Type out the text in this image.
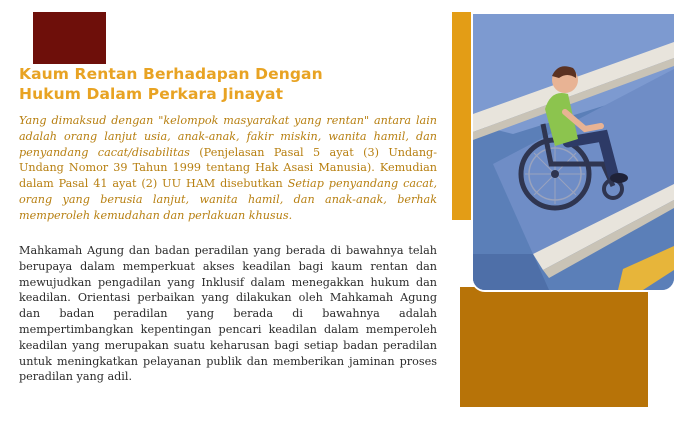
Kaum Rentan Berhadapan Dengan
Hukum Dalam Perkara Jinayat

Yang dimaksud dengan "kelompok masyarakat yang rentan" antara lain adalah orang lanjut usia, anak-anak, fakir miskin, wanita hamil, dan penyandang cacat/disabilitas (Penjelasan Pasal 5 ayat (3) Undang-Undang Nomor 39 Tahun 1999 tentang Hak Asasi Manusia). Kemudian dalam Pasal 41 ayat (2) UU HAM disebutkan Setiap penyandang cacat, orang yang berusia lanjut, wanita hamil, dan anak-anak, berhak memperoleh kemudahan dan perlakuan khusus.

Mahkamah Agung dan badan peradilan yang berada di bawahnya telah berupaya dalam memperkuat akses keadilan bagi kaum rentan dan mewujudkan pengadilan yang Inklusif dalam menegakkan hukum dan keadilan. Orientasi perbaikan yang dilakukan oleh Mahkamah Agung dan badan peradilan yang berada di bawahnya adalah mempertimbangkan kepentingan pencari keadilan dalam memperoleh keadilan yang merupakan suatu keharusan bagi setiap badan peradilan untuk meningkatkan pelayanan publik dan memberikan jaminan proses peradilan yang adil.
